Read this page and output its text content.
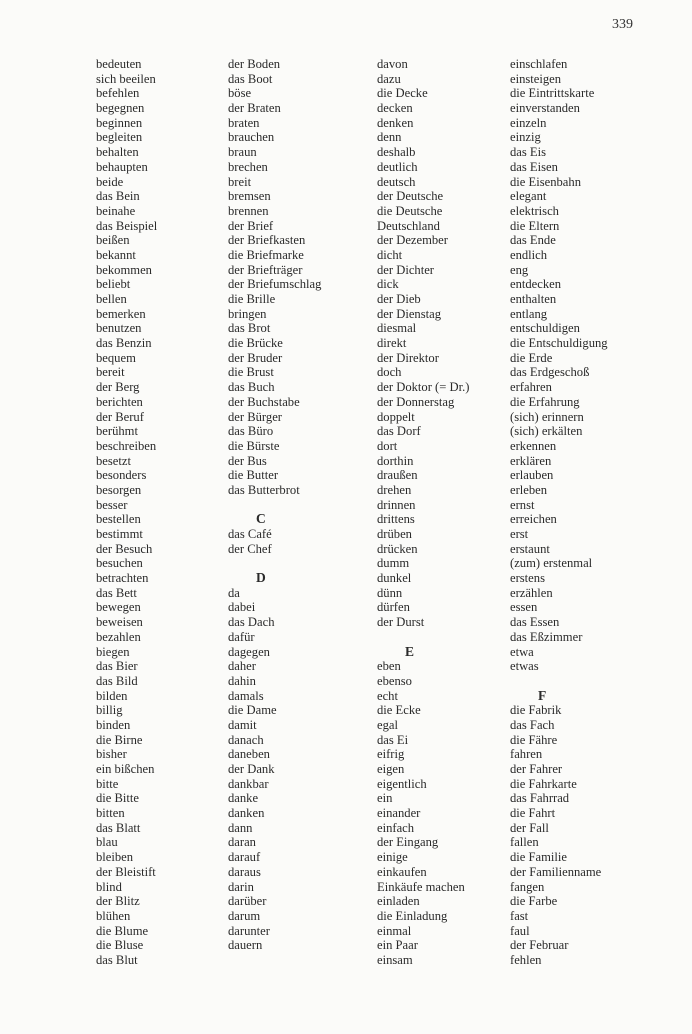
339
bedeuten
sich beeilen
befehlen
begegnen
beginnen
begleiten
behalten
behaupten
beide
das Bein
beinahe
das Beispiel
beißen
bekannt
bekommen
beliebt
bellen
bemerken
benutzen
das Benzin
bequem
bereit
der Berg
berichten
der Beruf
berühmt
beschreiben
besetzt
besonders
besorgen
besser
bestellen
bestimmt
der Besuch
besuchen
betrachten
das Bett
bewegen
beweisen
bezahlen
biegen
das Bier
das Bild
bilden
billig
binden
die Birne
bisher
ein bißchen
bitte
die Bitte
bitten
das Blatt
blau
bleiben
der Bleistift
blind
der Blitz
blühen
die Blume
die Bluse
das Blut
der Boden
das Boot
böse
der Braten
braten
brauchen
braun
brechen
breit
bremsen
brennen
der Brief
der Briefkasten
die Briefmarke
der Briefträger
der Briefumschlag
die Brille
bringen
das Brot
die Brücke
der Bruder
die Brust
das Buch
der Buchstabe
der Bürger
das Büro
die Bürste
der Bus
die Butter
das Butterbrot
C
das Café
der Chef
D
da
dabei
das Dach
dafür
dagegen
daher
dahin
damals
die Dame
damit
danach
daneben
der Dank
dankbar
danke
danken
dann
daran
darauf
daraus
darin
darüber
darum
darunter
dauern
davon
dazu
die Decke
decken
denken
denn
deshalb
deutlich
deutsch
der Deutsche
die Deutsche
Deutschland
der Dezember
dicht
der Dichter
dick
der Dieb
der Dienstag
diesmal
direkt
der Direktor
doch
der Doktor (= Dr.)
der Donnerstag
doppelt
das Dorf
dort
dorthin
draußen
drehen
drinnen
drittens
drüben
drücken
dumm
dunkel
dünn
dürfen
der Durst
E
eben
ebenso
echt
die Ecke
egal
das Ei
eifrig
eigen
eigentlich
ein
einander
einfach
der Eingang
einige
einkaufen
Einkäufe machen
einladen
die Einladung
einmal
ein Paar
einsam
einschlafen
einsteigen
die Eintrittskarte
einverstanden
einzeln
einzig
das Eis
das Eisen
die Eisenbahn
elegant
elektrisch
die Eltern
das Ende
endlich
eng
entdecken
enthalten
entlang
entschuldigen
die Entschuldigung
die Erde
das Erdgeschoß
erfahren
die Erfahrung
(sich) erinnern
(sich) erkälten
erkennen
erklären
erlauben
erleben
ernst
erreichen
erst
erstaunt
(zum) erstenmal
erstens
erzählen
essen
das Essen
das Eßzimmer
etwa
etwas
F
die Fabrik
das Fach
die Fähre
fahren
der Fahrer
die Fahrkarte
das Fahrrad
die Fahrt
der Fall
fallen
die Familie
der Familienname
fangen
die Farbe
fast
faul
der Februar
fehlen
